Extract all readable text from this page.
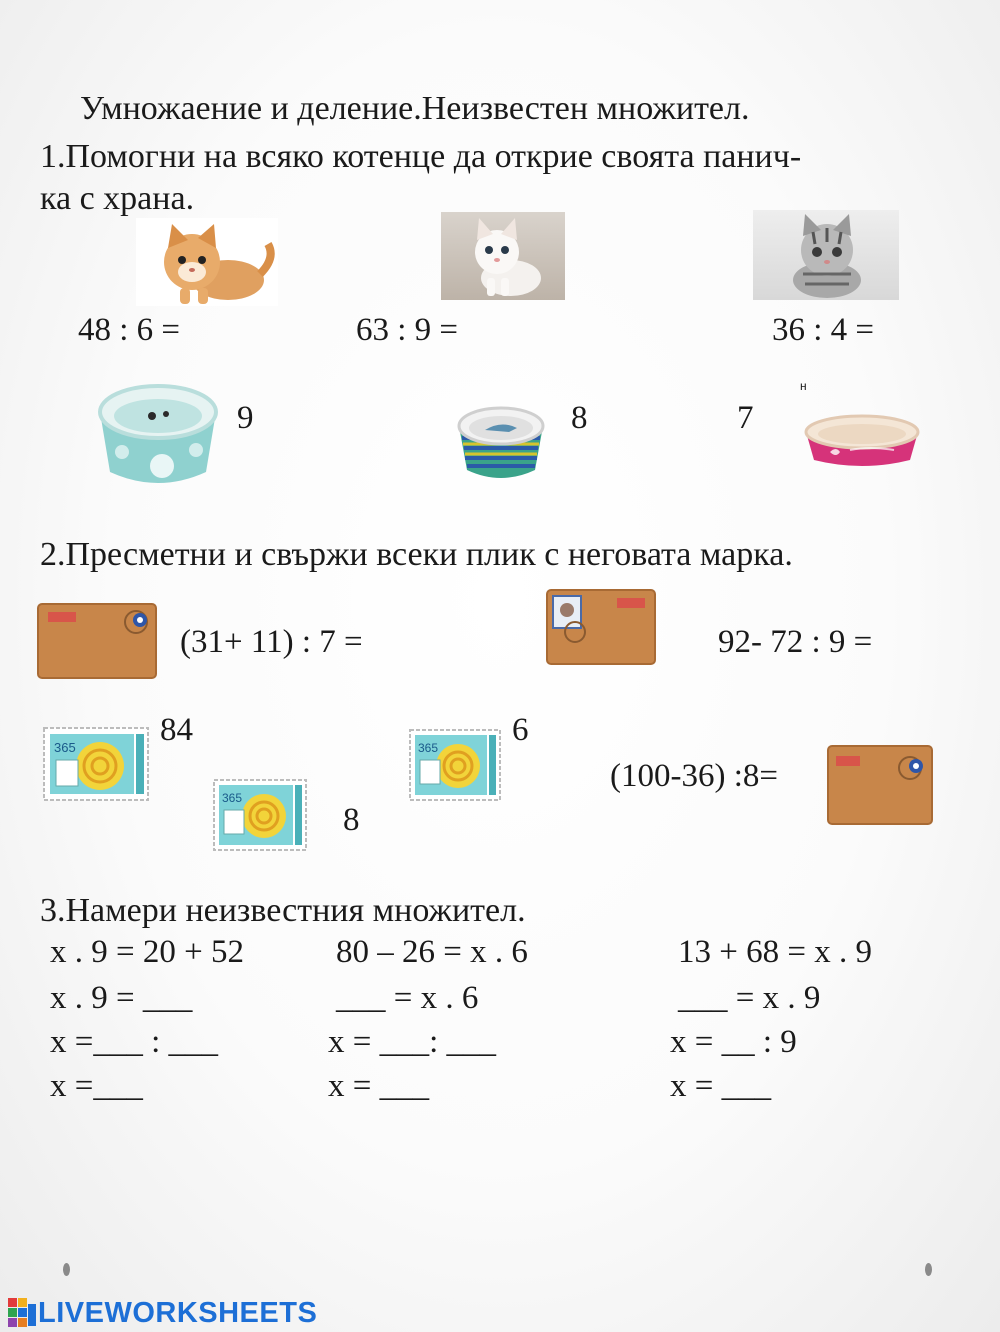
Умножаение и деление.Неизвестен множител.
1.Помогни на всяко котенце да открие своята панич-
ка с храна.
48 : 6 =	63 : 9 =	36 : 4 =
9	8	7
н
2.Пресметни и свържи всеки плик с неговата марка.
(31+ 11) : 7 =	92- 72 : 9 =
365	84	365 6
365
8
(100-36) :8=
3.Намери неизвестния множител.
x . 9 = 20 + 52
x . 9 = ___
x =___ : ___
x =___
80 – 26 = x . 6
___ = x . 6
x = ___: ___
x = ___
13 + 68 = x . 9
___ = x . 9
x = __ : 9
x = ___
LIVEWORKSHEETS
